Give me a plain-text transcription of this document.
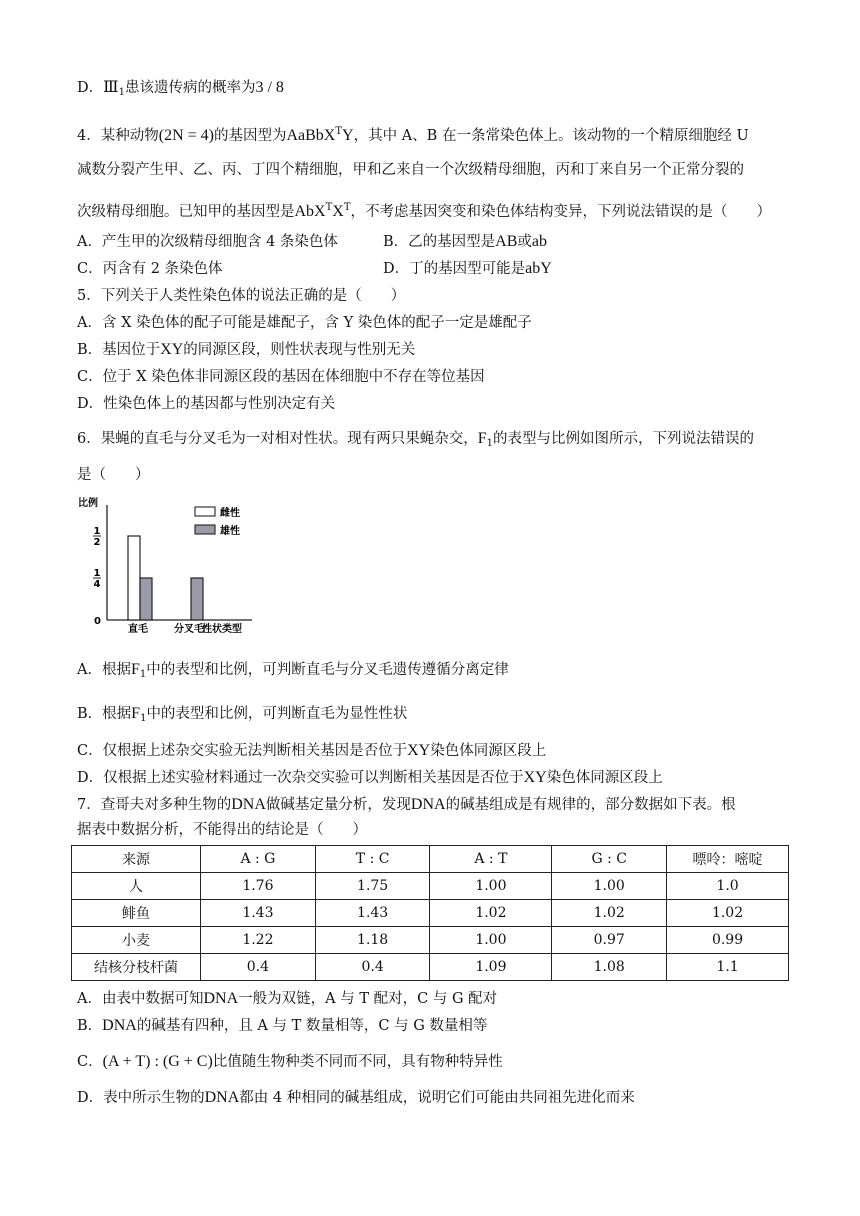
D．$Ⅲ_1$患该遗传病的概率为3 / 8
4．某种动物(2N = 4)的基因型为AaBbX$^T$Y，其中 A、B 在一条常染色体上。该动物的一个精原细胞经 U
减数分裂产生甲、乙、丙、丁四个精细胞，甲和乙来自一个次级精母细胞，丙和丁来自另一个正常分裂的
次级精母细胞。已知甲的基因型是$AbX^TX^T$，不考虑基因突变和染色体结构变异，下列说法错误的是（　　）
A．产生甲的次级精母细胞含 4 条染色体	B．乙的基因型是AB或ab
C．丙含有 2 条染色体	D．丁的基因型可能是abY
5．下列关于人类性染色体的说法正确的是（　　）
A．含 X 染色体的配子可能是雄配子，含 Y 染色体的配子一定是雄配子
B．基因位于XY的同源区段，则性状表现与性别无关
C．位于 X 染色体非同源区段的基因在体细胞中不存在等位基因
D．性染色体上的基因都与性别决定有关
6．果蝇的直毛与分叉毛为一对相对性状。现有两只果蝇杂交，$F_1$的表型与比例如图所示，下列说法错误的
是（　　）
比例
性状类型
0
1
4
1
2
直毛	分叉毛
雌性
雄性
A．根据$F_1$中的表型和比例，可判断直毛与分叉毛遗传遵循分离定律
B．根据$F_1$中的表型和比例，可判断直毛为显性性状
C．仅根据上述杂交实验无法判断相关基因是否位于XY染色体同源区段上
D．仅根据上述实验材料通过一次杂交实验可以判断相关基因是否位于XY染色体同源区段上
7．查哥夫对多种生物的DNA做碱基定量分析，发现DNA的碱基组成是有规律的，部分数据如下表。根
据表中数据分析，不能得出的结论是（　　）
来源	A : G	T : C	A : T	G : C	嘌呤：嘧啶
人	1.76	1.75	1.00	1.00	1.0
鲱鱼	1.43	1.43	1.02	1.02	1.02
小麦	1.22	1.18	1.00	0.97	0.99
结核分枝杆菌	0.4	0.4	1.09	1.08	1.1
A．由表中数据可知DNA一般为双链，A 与 T 配对，C 与 G 配对
B．DNA的碱基有四种，且 A 与 T 数量相等，C 与 G 数量相等
C．(A + T) : (G + C)比值随生物种类不同而不同，具有物种特异性
D．表中所示生物的DNA都由 4 种相同的碱基组成，说明它们可能由共同祖先进化而来
